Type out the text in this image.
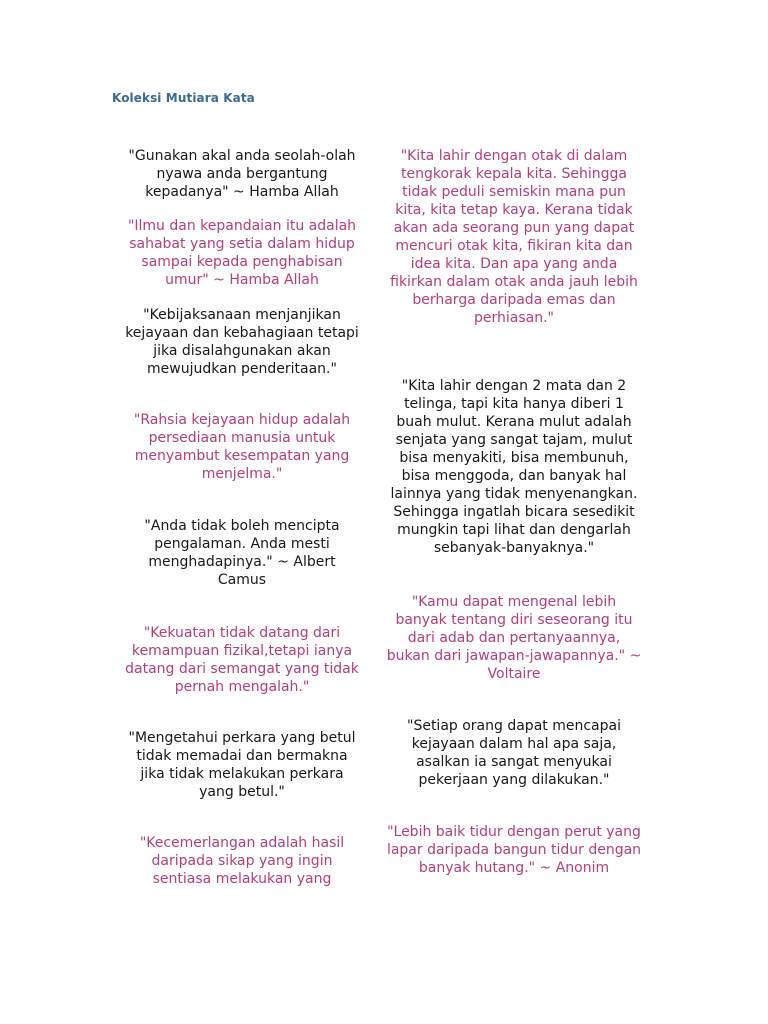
Koleksi Mutiara Kata

"Gunakan akal anda seolah-olah
nyawa anda bergantung
kepadanya" ~ Hamba Allah

"Ilmu dan kepandaian itu adalah
sahabat yang setia dalam hidup
sampai kepada penghabisan
umur" ~ Hamba Allah

"Kebijaksanaan menjanjikan
kejayaan dan kebahagiaan tetapi
jika disalahgunakan akan
mewujudkan penderitaan."

"Rahsia kejayaan hidup adalah
persediaan manusia untuk
menyambut kesempatan yang
menjelma."

"Anda tidak boleh mencipta
pengalaman. Anda mesti
menghadapinya." ~ Albert
Camus

"Kekuatan tidak datang dari
kemampuan fizikal,tetapi ianya
datang dari semangat yang tidak
pernah mengalah."

"Mengetahui perkara yang betul
tidak memadai dan bermakna
jika tidak melakukan perkara
yang betul."

"Kecemerlangan adalah hasil
daripada sikap yang ingin
sentiasa melakukan yang

"Kita lahir dengan otak di dalam
tengkorak kepala kita. Sehingga
tidak peduli semiskin mana pun
kita, kita tetap kaya. Kerana tidak
akan ada seorang pun yang dapat
mencuri otak kita, fikiran kita dan
idea kita. Dan apa yang anda
fikirkan dalam otak anda jauh lebih
berharga daripada emas dan
perhiasan."

"Kita lahir dengan 2 mata dan 2
telinga, tapi kita hanya diberi 1
buah mulut. Kerana mulut adalah
senjata yang sangat tajam, mulut
bisa menyakiti, bisa membunuh,
bisa menggoda, dan banyak hal
lainnya yang tidak menyenangkan.
Sehingga ingatlah bicara sesedikit
mungkin tapi lihat dan dengarlah
sebanyak-banyaknya."

"Kamu dapat mengenal lebih
banyak tentang diri seseorang itu
dari adab dan pertanyaannya,
bukan dari jawapan-jawapannya." ~
Voltaire

"Setiap orang dapat mencapai
kejayaan dalam hal apa saja,
asalkan ia sangat menyukai
pekerjaan yang dilakukan."

"Lebih baik tidur dengan perut yang
lapar daripada bangun tidur dengan
banyak hutang." ~ Anonim
